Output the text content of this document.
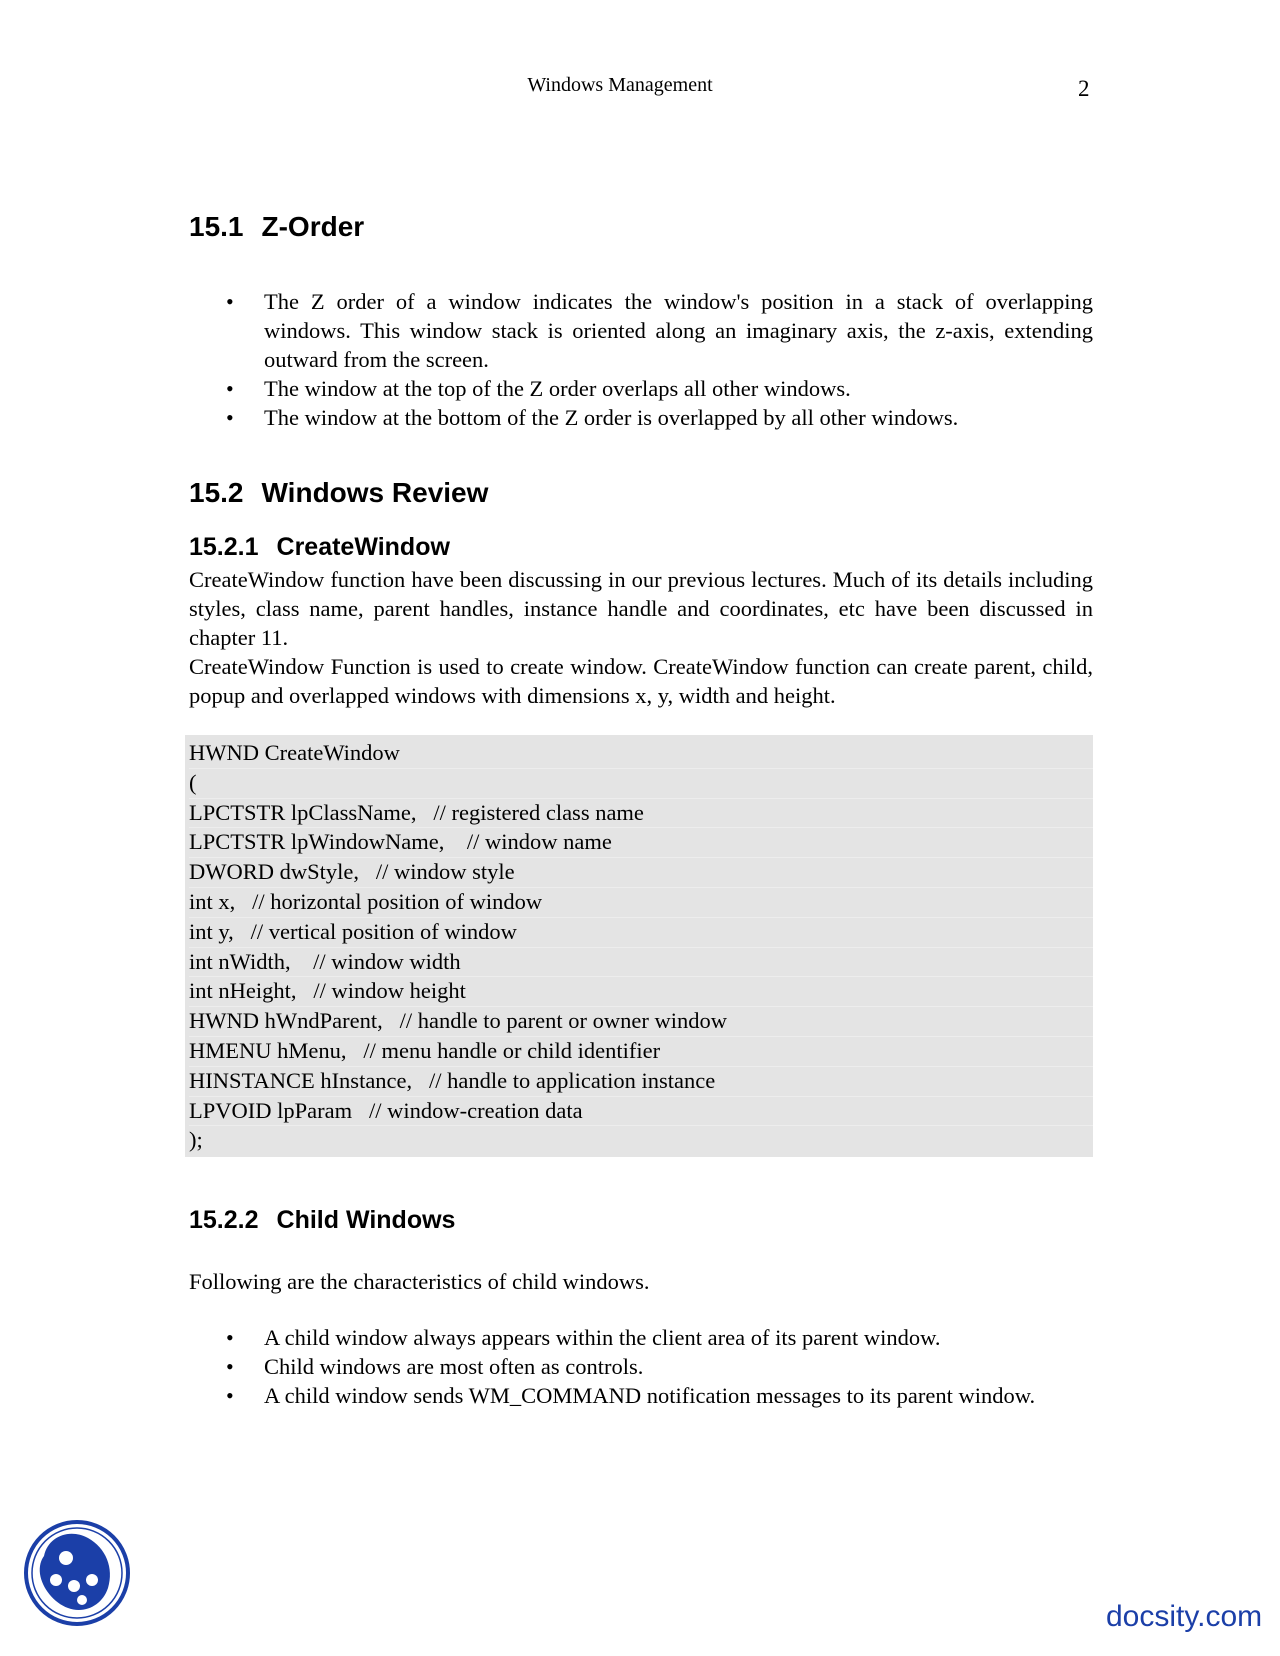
Windows Management	2
15.1 Z-Order
• The Z order of a window indicates the window's position in a stack of overlapping windows. This window stack is oriented along an imaginary axis, the z-axis, extending outward from the screen.
• The window at the top of the Z order overlaps all other windows.
• The window at the bottom of the Z order is overlapped by all other windows.
15.2 Windows Review
15.2.1 CreateWindow

CreateWindow function have been discussing in our previous lectures. Much of its details including styles, class name, parent handles, instance handle and coordinates, etc have been discussed in chapter 11.

CreateWindow Function is used to create window. CreateWindow function can create parent, child, popup and overlapped windows with dimensions x, y, width and height.

HWND CreateWindow
(
LPCTSTR lpClassName,   // registered class name
LPCTSTR lpWindowName,    // window name
DWORD dwStyle,   // window style
int x,   // horizontal position of window
int y,   // vertical position of window
int nWidth,    // window width
int nHeight,   // window height
HWND hWndParent,   // handle to parent or owner window
HMENU hMenu,   // menu handle or child identifier
HINSTANCE hInstance,   // handle to application instance
LPVOID lpParam   // window-creation data
);
15.2.2 Child Windows

Following are the characteristics of child windows.

• A child window always appears within the client area of its parent window.
• Child windows are most often as controls.
• A child window sends WM_COMMAND notification messages to its parent window.
docsity.com
